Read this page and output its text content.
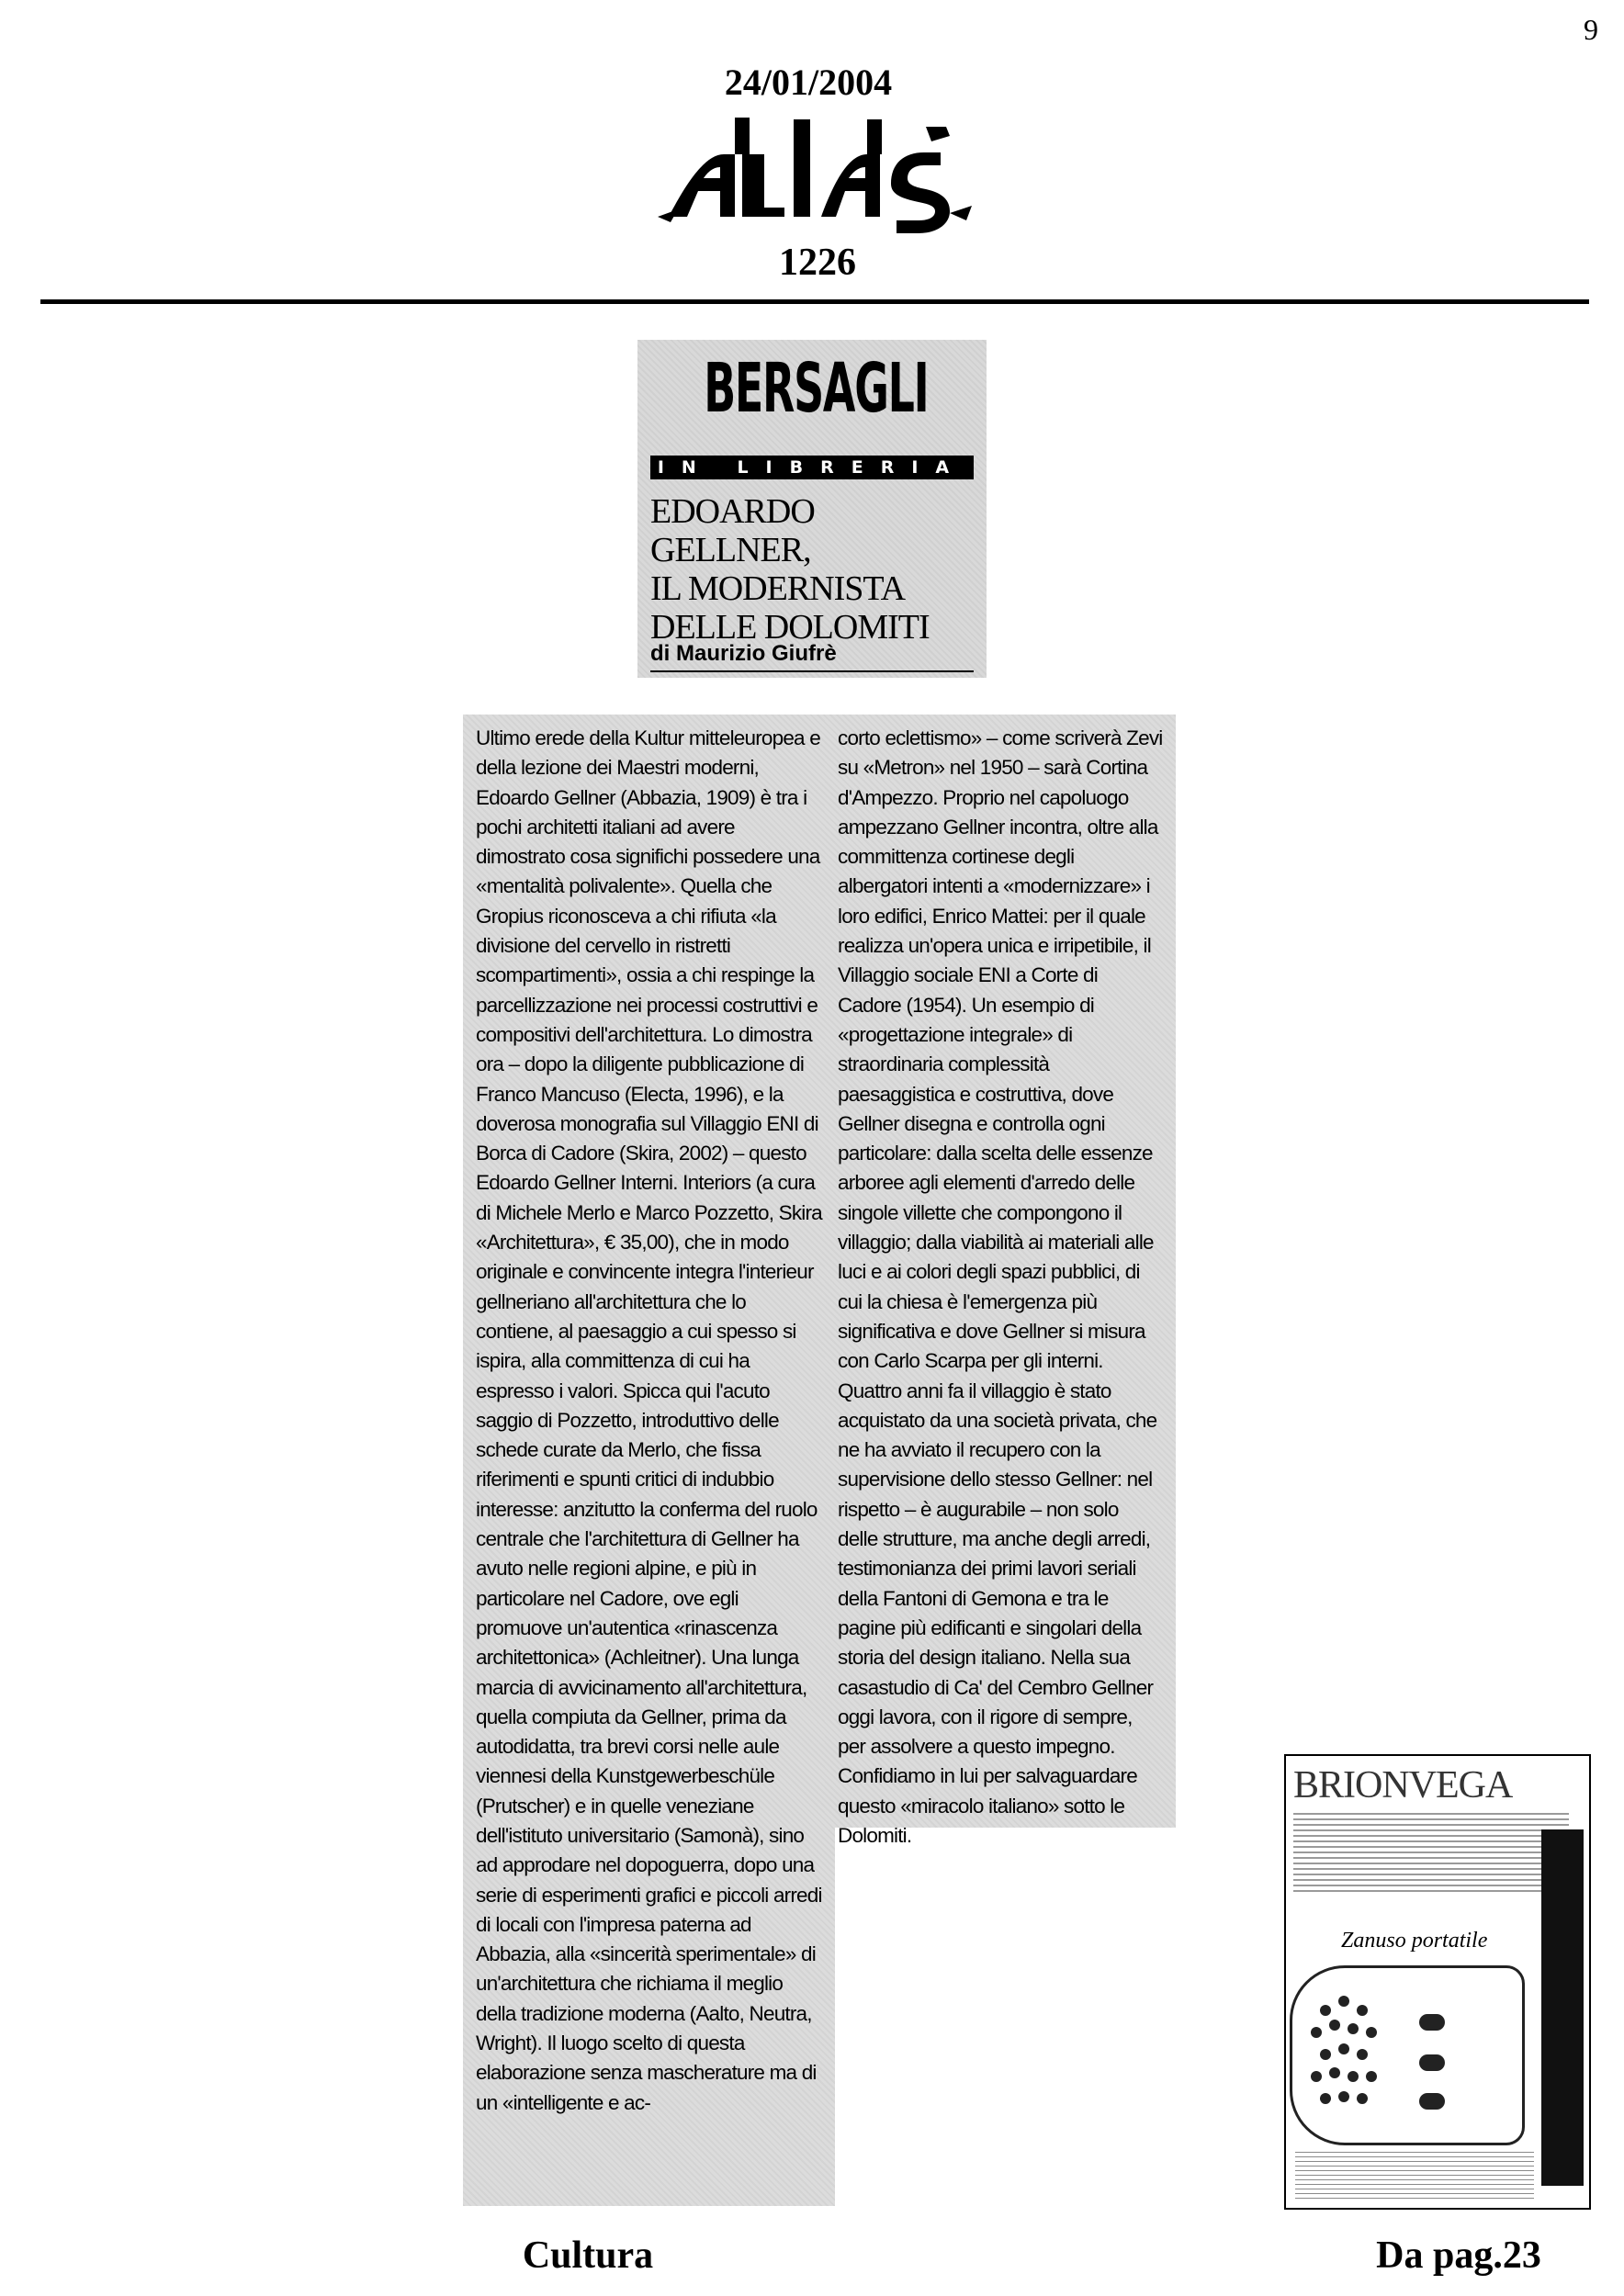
9
24/01/2004
1226
BERSAGLI
IN LIBRERIA
EDOARDO GELLNER,
IL MODERNISTA
DELLE DOLOMITI
di Maurizio Giufrè
Ultimo erede della Kultur mitteleuropea e della lezione dei Maestri moderni, Edoardo Gellner (Abbazia, 1909) è tra i pochi architetti italiani ad avere dimostrato cosa significhi possedere una «mentalità polivalente». Quella che Gropius riconosceva a chi rifiuta «la divisione del cervello in ristretti scompartimenti», ossia a chi respinge la parcellizzazione nei processi costruttivi e compositivi dell'architettura. Lo dimostra ora – dopo la diligente pubblicazione di Franco Mancuso (Electa, 1996), e la doverosa monografia sul Villaggio ENI di Borca di Cadore (Skira, 2002) – questo Edoardo Gellner Interni. Interiors (a cura di Michele Merlo e Marco Pozzetto, Skira «Architettura», € 35,00), che in modo originale e convincente integra l'interieur gellneriano all'architettura che lo contiene, al paesaggio a cui spesso si ispira, alla committenza di cui ha espresso i valori. Spicca qui l'acuto saggio di Pozzetto, introduttivo delle schede curate da Merlo, che fissa riferimenti e spunti critici di indubbio interesse: anzitutto la conferma del ruolo centrale che l'architettura di Gellner ha avuto nelle regioni alpine, e più in particolare nel Cadore, ove egli promuove un'autentica «rinascenza architettonica» (Achleitner). Una lunga marcia di avvicinamento all'architettura, quella compiuta da Gellner, prima da autodidatta, tra brevi corsi nelle aule viennesi della Kunstgewerbeschüle (Prutscher) e in quelle veneziane dell'istituto universitario (Samonà), sino ad approdare nel dopoguerra, dopo una serie di esperimenti grafici e piccoli arredi di locali con l'impresa paterna ad Abbazia, alla «sincerità sperimentale» di un'architettura che richiama il meglio della tradizione moderna (Aalto, Neutra, Wright). Il luogo scelto di questa elaborazione senza mascherature ma di un «intelligente e ac-
corto eclettismo» – come scriverà Zevi su «Metron» nel 1950 – sarà Cortina d'Ampezzo. Proprio nel capoluogo ampezzano Gellner incontra, oltre alla committenza cortinese degli albergatori intenti a «modernizzare» i loro edifici, Enrico Mattei: per il quale realizza un'opera unica e irripetibile, il Villaggio sociale ENI a Corte di Cadore (1954). Un esempio di «progettazione integrale» di straordinaria complessità paesaggistica e costruttiva, dove Gellner disegna e controlla ogni particolare: dalla scelta delle essenze arboree agli elementi d'arredo delle singole villette che compongono il villaggio; dalla viabilità ai materiali alle luci e ai colori degli spazi pubblici, di cui la chiesa è l'emergenza più significativa e dove Gellner si misura con Carlo Scarpa per gli interni. Quattro anni fa il villaggio è stato acquistato da una società privata, che ne ha avviato il recupero con la supervisione dello stesso Gellner: nel rispetto – è augurabile – non solo delle strutture, ma anche degli arredi, testimonianza dei primi lavori seriali della Fantoni di Gemona e tra le pagine più edificanti e singolari della storia del design italiano. Nella sua casastudio di Ca' del Cembro Gellner oggi lavora, con il rigore di sempre, per assolvere a questo impegno. Confidiamo in lui per salvaguardare questo «miracolo italiano» sotto le Dolomiti.
BRIONVEGA
Zanuso portatile
Cultura	Da pag.23
